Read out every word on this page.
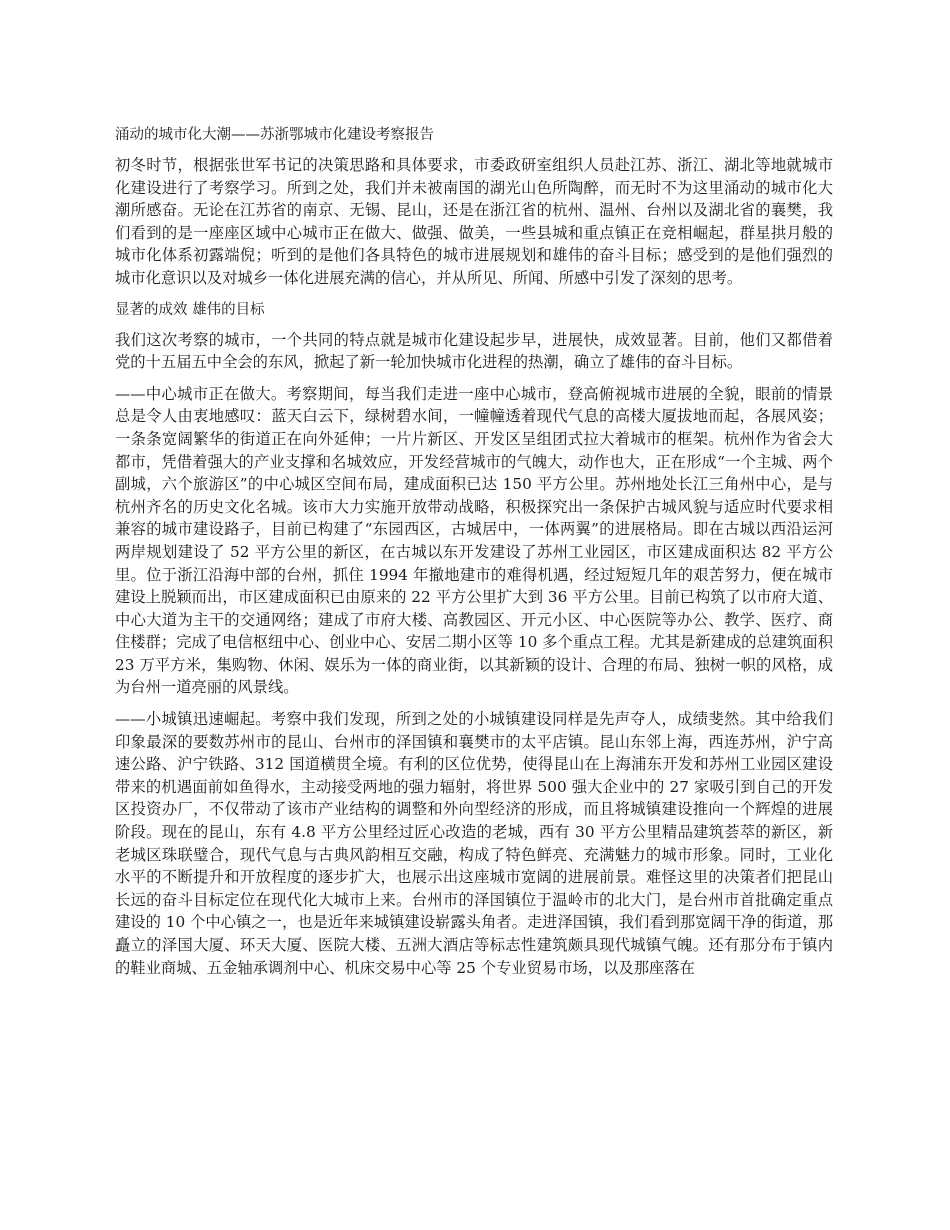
涌动的城市化大潮——苏浙鄂城市化建设考察报告

初冬时节，根据张世军书记的决策思路和具体要求，市委政研室组织人员赴江苏、浙江、湖北等地就城市化建设进行了考察学习。所到之处，我们并未被南国的湖光山色所陶醉，而无时不为这里涌动的城市化大潮所感奋。无论在江苏省的南京、无锡、昆山，还是在浙江省的杭州、温州、台州以及湖北省的襄樊，我们看到的是一座座区域中心城市正在做大、做强、做美，一些县城和重点镇正在竞相崛起，群星拱月般的城市化体系初露端倪；听到的是他们各具特色的城市进展规划和雄伟的奋斗目标；感受到的是他们强烈的城市化意识以及对城乡一体化进展充满的信心，并从所见、所闻、所感中引发了深刻的思考。

显著的成效 雄伟的目标

我们这次考察的城市，一个共同的特点就是城市化建设起步早，进展快，成效显著。目前，他们又都借着党的十五届五中全会的东风，掀起了新一轮加快城市化进程的热潮，确立了雄伟的奋斗目标。

——中心城市正在做大。考察期间，每当我们走进一座中心城市，登高俯视城市进展的全貌，眼前的情景总是令人由衷地感叹：蓝天白云下，绿树碧水间，一幢幢透着现代气息的高楼大厦拔地而起，各展风姿；一条条宽阔繁华的街道正在向外延伸；一片片新区、开发区呈组团式拉大着城市的框架。杭州作为省会大都市，凭借着强大的产业支撑和名城效应，开发经营城市的气魄大，动作也大，正在形成“一个主城、两个副城，六个旅游区”的中心城区空间布局，建成面积已达 150 平方公里。苏州地处长江三角州中心，是与杭州齐名的历史文化名城。该市大力实施开放带动战略，积极探究出一条保护古城风貌与适应时代要求相兼容的城市建设路子，目前已构建了“东园西区，古城居中，一体两翼”的进展格局。即在古城以西沿运河两岸规划建设了 52 平方公里的新区，在古城以东开发建设了苏州工业园区，市区建成面积达 82 平方公里。位于浙江沿海中部的台州，抓住 1994 年撤地建市的难得机遇，经过短短几年的艰苦努力，便在城市建设上脱颖而出，市区建成面积已由原来的 22 平方公里扩大到 36 平方公里。目前已构筑了以市府大道、中心大道为主干的交通网络；建成了市府大楼、高教园区、开元小区、中心医院等办公、教学、医疗、商住楼群；完成了电信枢纽中心、创业中心、安居二期小区等 10 多个重点工程。尤其是新建成的总建筑面积 23 万平方米，集购物、休闲、娱乐为一体的商业街，以其新颖的设计、合理的布局、独树一帜的风格，成为台州一道亮丽的风景线。

——小城镇迅速崛起。考察中我们发现，所到之处的小城镇建设同样是先声夺人，成绩斐然。其中给我们印象最深的要数苏州市的昆山、台州市的泽国镇和襄樊市的太平店镇。昆山东邻上海，西连苏州，沪宁高速公路、沪宁铁路、312 国道横贯全境。有利的区位优势，使得昆山在上海浦东开发和苏州工业园区建设带来的机遇面前如鱼得水，主动接受两地的强力辐射，将世界 500 强大企业中的 27 家吸引到自己的开发区投资办厂，不仅带动了该市产业结构的调整和外向型经济的形成，而且将城镇建设推向一个辉煌的进展阶段。现在的昆山，东有 4.8 平方公里经过匠心改造的老城，西有 30 平方公里精品建筑荟萃的新区，新老城区珠联璧合，现代气息与古典风韵相互交融，构成了特色鲜亮、充满魅力的城市形象。同时，工业化水平的不断提升和开放程度的逐步扩大，也展示出这座城市宽阔的进展前景。难怪这里的决策者们把昆山长远的奋斗目标定位在现代化大城市上来。台州市的泽国镇位于温岭市的北大门，是台州市首批确定重点建设的 10 个中心镇之一，也是近年来城镇建设崭露头角者。走进泽国镇，我们看到那宽阔干净的街道，那矗立的泽国大厦、环天大厦、医院大楼、五洲大酒店等标志性建筑颇具现代城镇气魄。还有那分布于镇内的鞋业商城、五金轴承调剂中心、机床交易中心等 25 个专业贸易市场，以及那座落在
